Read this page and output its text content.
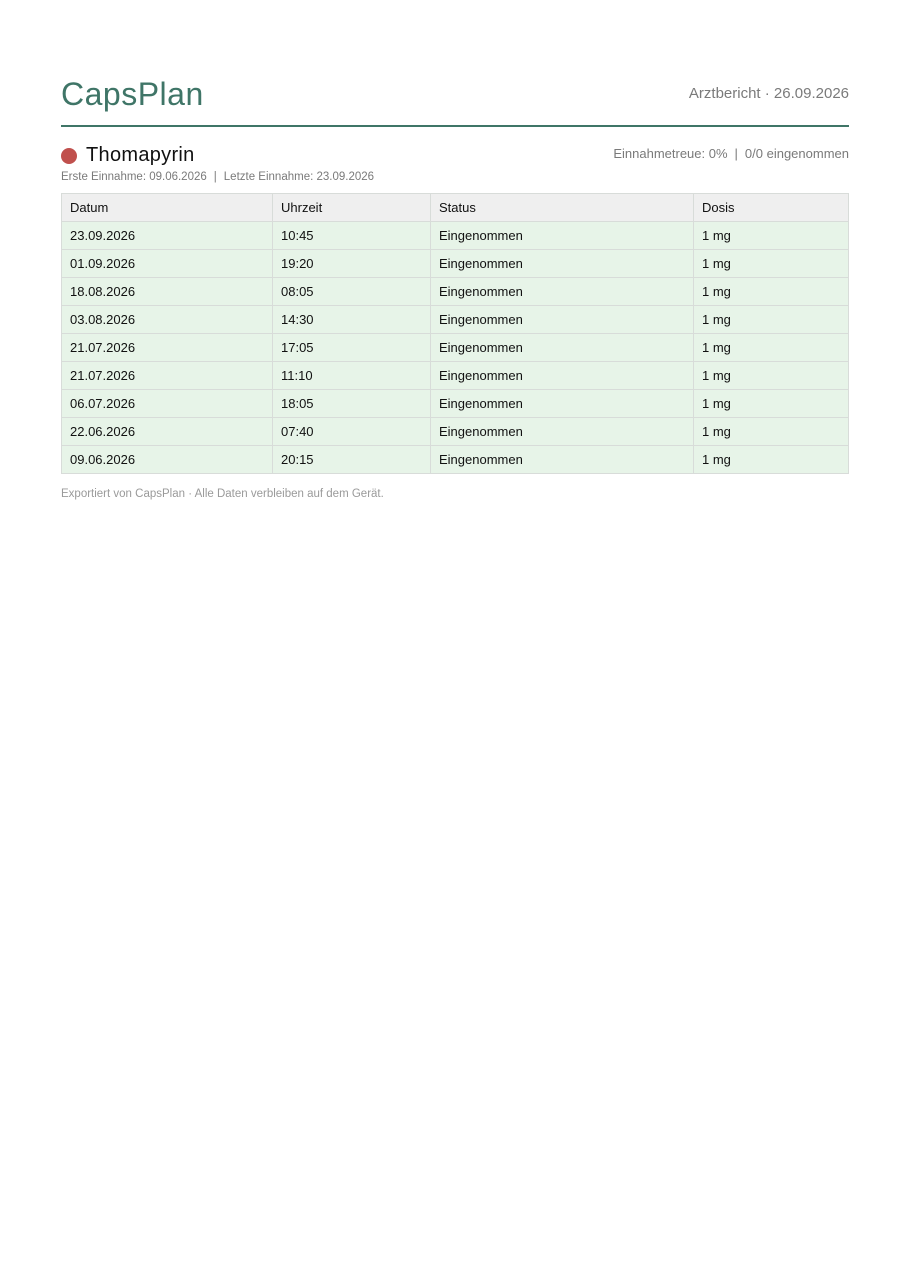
CapsPlan	Arztbericht · 26.09.2026
Thomapyrin	Einnahmetreue: 0% | 0/0 eingenommen
Erste Einnahme: 09.06.2026 | Letzte Einnahme: 23.09.2026
Datum	Uhrzeit	Status	Dosis
23.09.2026	10:45	Eingenommen	1 mg
01.09.2026	19:20	Eingenommen	1 mg
18.08.2026	08:05	Eingenommen	1 mg
03.08.2026	14:30	Eingenommen	1 mg
21.07.2026	17:05	Eingenommen	1 mg
21.07.2026	11:10	Eingenommen	1 mg
06.07.2026	18:05	Eingenommen	1 mg
22.06.2026	07:40	Eingenommen	1 mg
09.06.2026	20:15	Eingenommen	1 mg
Exportiert von CapsPlan · Alle Daten verbleiben auf dem Gerät.
